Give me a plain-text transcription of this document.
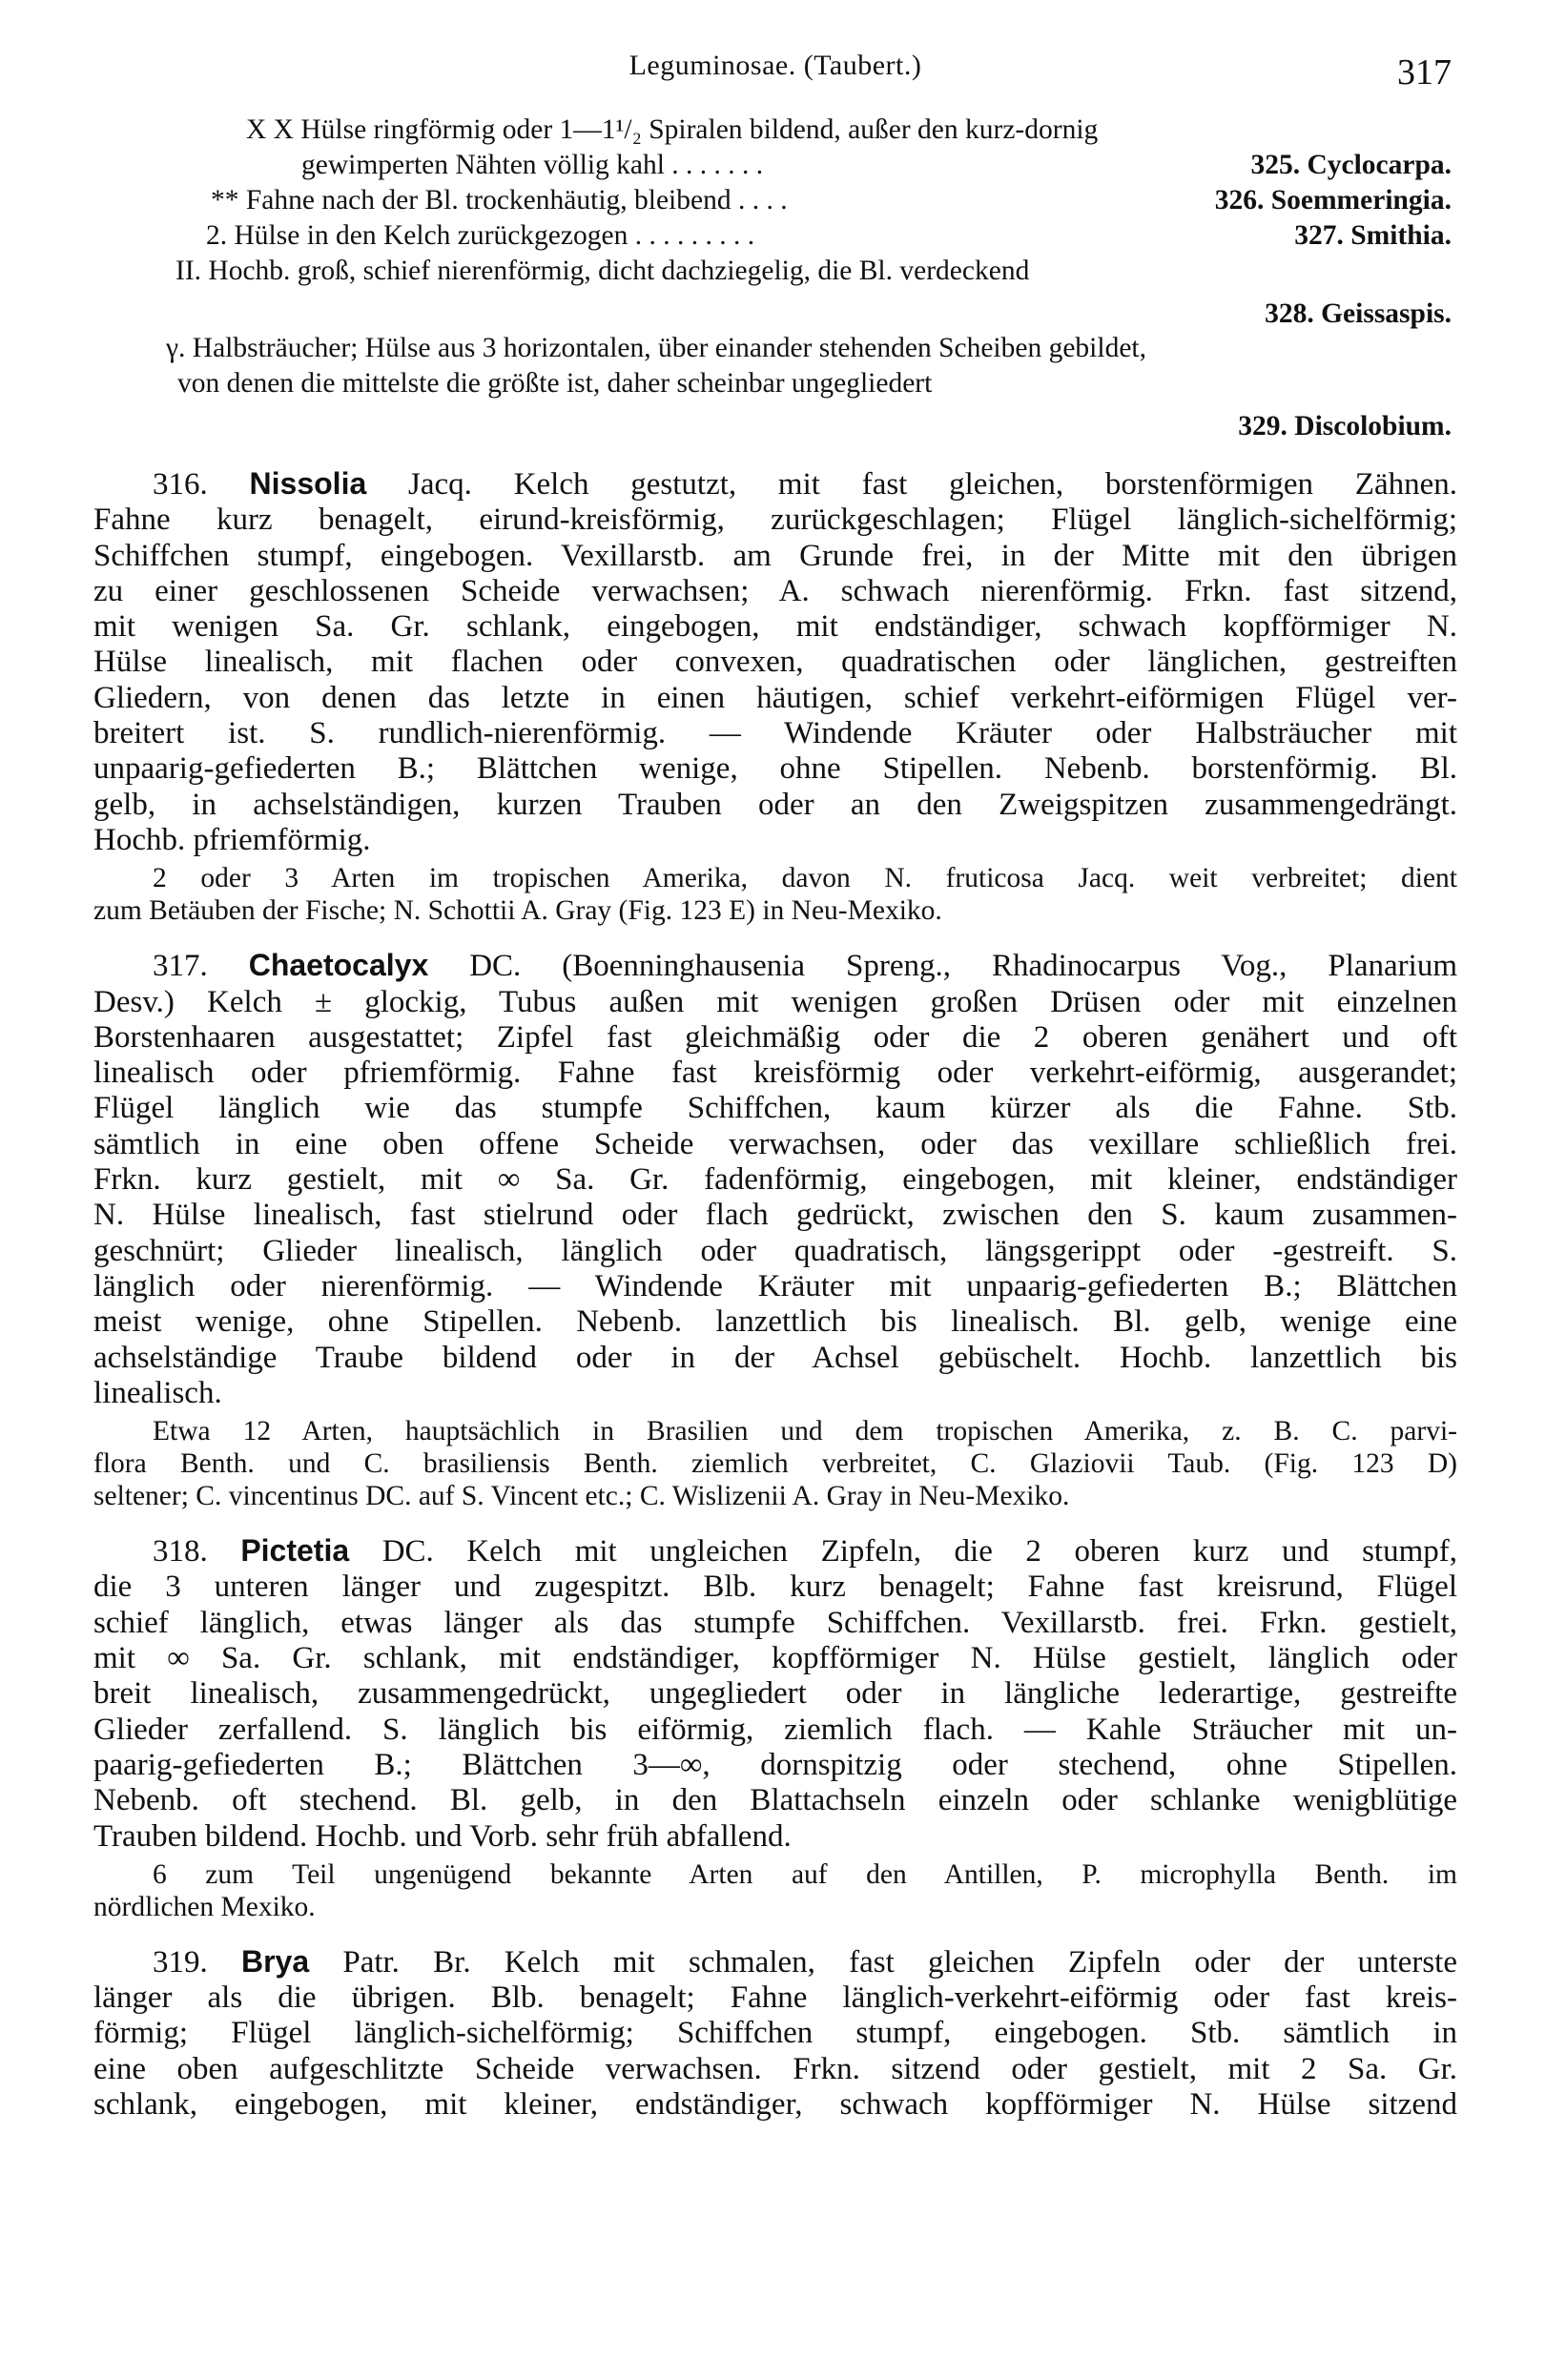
Leguminosae. (Taubert.)	317
X X Hülse ringförmig oder 1—1¹/₂ Spiralen bildend, außer den kurz-dornig
gewimperten Nähten völlig kahl . . . . . . .	325. Cyclocarpa.
** Fahne nach der Bl. trockenhäutig, bleibend . . . .	326. Soemmeringia.
2. Hülse in den Kelch zurückgezogen . . . . . . . . .	327. Smithia.
II. Hochb. groß, schief nierenförmig, dicht dachziegelig, die Bl. verdeckend
328. Geissaspis.
γ. Halbsträucher; Hülse aus 3 horizontalen, über einander stehenden Scheiben gebildet,
von denen die mittelste die größte ist, daher scheinbar ungegliedert
329. Discolobium.
316. Nissolia Jacq. Kelch gestutzt, mit fast gleichen, borstenförmigen Zähnen.
Fahne kurz benagelt, eirund-kreisförmig, zurückgeschlagen; Flügel länglich-sichelförmig;
Schiffchen stumpf, eingebogen. Vexillarstb. am Grunde frei, in der Mitte mit den übrigen
zu einer geschlossenen Scheide verwachsen; A. schwach nierenförmig. Frkn. fast sitzend,
mit wenigen Sa. Gr. schlank, eingebogen, mit endständiger, schwach kopfförmiger N.
Hülse linealisch, mit flachen oder convexen, quadratischen oder länglichen, gestreiften
Gliedern, von denen das letzte in einen häutigen, schief verkehrt-eiförmigen Flügel ver-
breitert ist. S. rundlich-nierenförmig. — Windende Kräuter oder Halbsträucher mit
unpaarig-gefiederten B.; Blättchen wenige, ohne Stipellen. Nebenb. borstenförmig. Bl.
gelb, in achselständigen, kurzen Trauben oder an den Zweigspitzen zusammengedrängt.
Hochb. pfriemförmig.
2 oder 3 Arten im tropischen Amerika, davon N. fruticosa Jacq. weit verbreitet; dient
zum Betäuben der Fische; N. Schottii A. Gray (Fig. 123 E) in Neu-Mexiko.
317. Chaetocalyx DC. (Boenninghausenia Spreng., Rhadinocarpus Vog., Planarium
Desv.) Kelch ± glockig, Tubus außen mit wenigen großen Drüsen oder mit einzelnen
Borstenhaaren ausgestattet; Zipfel fast gleichmäßig oder die 2 oberen genähert und oft
linealisch oder pfriemförmig. Fahne fast kreisförmig oder verkehrt-eiförmig, ausgerandet;
Flügel länglich wie das stumpfe Schiffchen, kaum kürzer als die Fahne. Stb.
sämtlich in eine oben offene Scheide verwachsen, oder das vexillare schließlich frei.
Frkn. kurz gestielt, mit ∞ Sa. Gr. fadenförmig, eingebogen, mit kleiner, endständiger
N. Hülse linealisch, fast stielrund oder flach gedrückt, zwischen den S. kaum zusammen-
geschnürt; Glieder linealisch, länglich oder quadratisch, längsgerippt oder -gestreift. S.
länglich oder nierenförmig. — Windende Kräuter mit unpaarig-gefiederten B.; Blättchen
meist wenige, ohne Stipellen. Nebenb. lanzettlich bis linealisch. Bl. gelb, wenige eine
achselständige Traube bildend oder in der Achsel gebüschelt. Hochb. lanzettlich bis
linealisch.
Etwa 12 Arten, hauptsächlich in Brasilien und dem tropischen Amerika, z. B. C. parvi-
flora Benth. und C. brasiliensis Benth. ziemlich verbreitet, C. Glaziovii Taub. (Fig. 123 D)
seltener; C. vincentinus DC. auf S. Vincent etc.; C. Wislizenii A. Gray in Neu-Mexiko.
318. Pictetia DC. Kelch mit ungleichen Zipfeln, die 2 oberen kurz und stumpf,
die 3 unteren länger und zugespitzt. Blb. kurz benagelt; Fahne fast kreisrund, Flügel
schief länglich, etwas länger als das stumpfe Schiffchen. Vexillarstb. frei. Frkn. gestielt,
mit ∞ Sa. Gr. schlank, mit endständiger, kopfförmiger N. Hülse gestielt, länglich oder
breit linealisch, zusammengedrückt, ungegliedert oder in längliche lederartige, gestreifte
Glieder zerfallend. S. länglich bis eiförmig, ziemlich flach. — Kahle Sträucher mit un-
paarig-gefiederten B.; Blättchen 3—∞, dornspitzig oder stechend, ohne Stipellen.
Nebenb. oft stechend. Bl. gelb, in den Blattachseln einzeln oder schlanke wenigblütige
Trauben bildend. Hochb. und Vorb. sehr früh abfallend.
6 zum Teil ungenügend bekannte Arten auf den Antillen, P. microphylla Benth. im
nördlichen Mexiko.
319. Brya Patr. Br. Kelch mit schmalen, fast gleichen Zipfeln oder der unterste
länger als die übrigen. Blb. benagelt; Fahne länglich-verkehrt-eiförmig oder fast kreis-
förmig; Flügel länglich-sichelförmig; Schiffchen stumpf, eingebogen. Stb. sämtlich in
eine oben aufgeschlitzte Scheide verwachsen. Frkn. sitzend oder gestielt, mit 2 Sa. Gr.
schlank, eingebogen, mit kleiner, endständiger, schwach kopfförmiger N. Hülse sitzend
